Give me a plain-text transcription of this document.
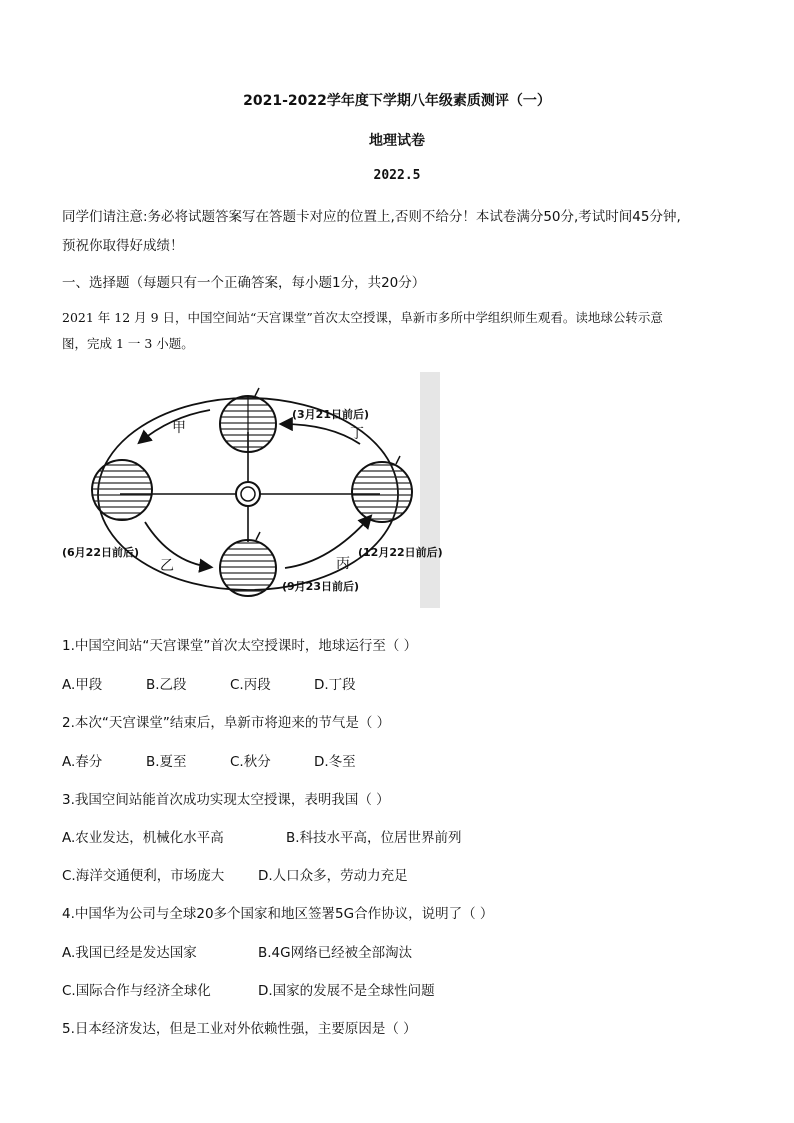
2021-2022学年度下学期八年级素质测评（一）
地理试卷
2022.5
同学们请注意:务必将试题答案写在答题卡对应的位置上,否则不给分！本试卷满分50分,考试时间45分钟,
预祝你取得好成绩！
一、选择题（每题只有一个正确答案，每小题1分，共20分）
2021 年 12 月 9 日，中国空间站“天宫课堂”首次太空授课，阜新市多所中学组织师生观看。读地球公转示意
图，完成 1 一 3 小题。
甲
乙	丙
丁
(3月21日前后)
(6月22日前后)
(9月23日前后)
(12月22日前后)
1.中国空间站“天宫课堂”首次太空授课时，地球运行至（ ）
A.甲段	B.乙段	C.丙段	D.丁段
2.本次“天宫课堂”结束后，阜新市将迎来的节气是（ ）
A.春分	B.夏至	C.秋分	D.冬至
3.我国空间站能首次成功实现太空授课，表明我国（ ）
A.农业发达，机械化水平高	B.科技水平高，位居世界前列
C.海洋交通便利，市场庞大	D.人口众多，劳动力充足
4.中国华为公司与全球20多个国家和地区签署5G合作协议，说明了（ ）
A.我国已经是发达国家	B.4G网络已经被全部淘汰
C.国际合作与经济全球化	D.国家的发展不是全球性问题
5.日本经济发达，但是工业对外依赖性强，主要原因是（ ）
